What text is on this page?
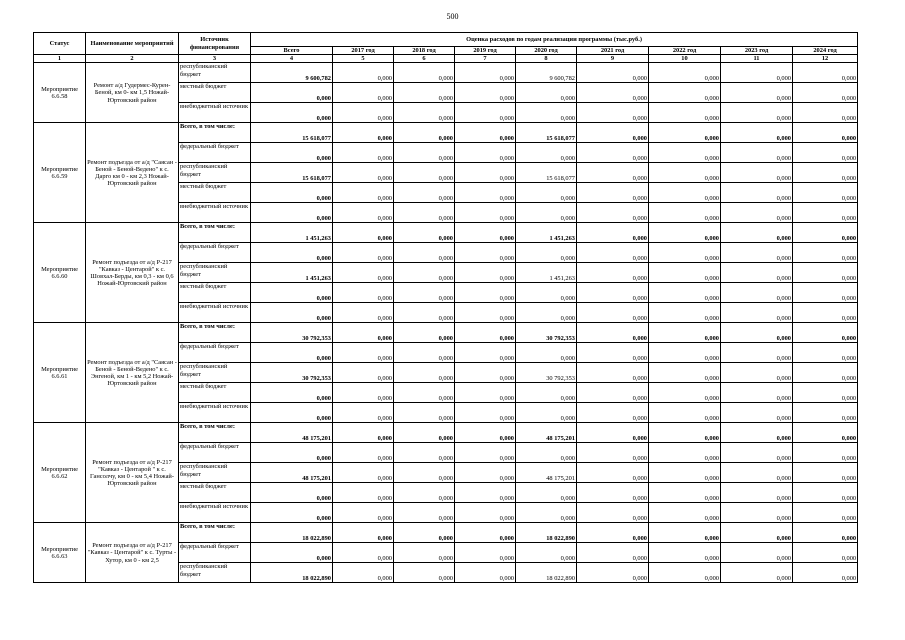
500
Статус	Наименование мероприятий	Источник финансирования	Оценка расходов по годам реализации программы (тыс.руб.)								
			Всего	2017 год	2018 год	2019 год	2020 год	2021 год	2022 год	2023 год	2024 год
1	2	3	4	5	6	7	8	9	10	11	12
Мероприятие 6.6.58	Ремонт а/д Гудермес-Курен-Беной, км 0- км 1,5 Ножай-Юртовский район	республиканский бюджет	9 600,782	0,000	0,000	0,000	9 600,782	0,000	0,000	0,000	0,000
		местный бюджет	0,000	0,000	0,000	0,000	0,000	0,000	0,000	0,000	0,000
		внебюджетный источник	0,000	0,000	0,000	0,000	0,000	0,000	0,000	0,000	0,000
Мероприятие 6.6.59	Ремонт подъезда от а/д "Саясан - Беной - Беной-Ведено" к с. Дарго км 0 - км 2,3 Ножай-Юртовский район	Всего, в том числе:	15 618,077	0,000	0,000	0,000	15 618,077	0,000	0,000	0,000	0,000
		федеральный бюджет	0,000	0,000	0,000	0,000	0,000	0,000	0,000	0,000	0,000
		республиканский бюджет	15 618,077	0,000	0,000	0,000	15 618,077	0,000	0,000	0,000	0,000
		местный бюджет	0,000	0,000	0,000	0,000	0,000	0,000	0,000	0,000	0,000
		внебюджетный источник	0,000	0,000	0,000	0,000	0,000	0,000	0,000	0,000	0,000
Мероприятие 6.6.60	Ремонт подъезда от а/д Р-217 "Кавказ - Центарой" к с. Шовхал-Берды, км 0,3 - км 0,6 Ножай-Юртовский район	Всего, в том числе:	1 451,263	0,000	0,000	0,000	1 451,263	0,000	0,000	0,000	0,000
		федеральный бюджет	0,000	0,000	0,000	0,000	0,000	0,000	0,000	0,000	0,000
		республиканский бюджет	1 451,263	0,000	0,000	0,000	1 451,263	0,000	0,000	0,000	0,000
		местный бюджет	0,000	0,000	0,000	0,000	0,000	0,000	0,000	0,000	0,000
		внебюджетный источник	0,000	0,000	0,000	0,000	0,000	0,000	0,000	0,000	0,000
Мероприятие 6.6.61	Ремонт подъезда от а/д "Саясан - Беной - Беной-Ведено" к с. Энгеной, км 1 - км 5,2 Ножай-Юртовский район	Всего, в том числе:	30 792,353	0,000	0,000	0,000	30 792,353	0,000	0,000	0,000	0,000
		федеральный бюджет	0,000	0,000	0,000	0,000	0,000	0,000	0,000	0,000	0,000
		республиканский бюджет	30 792,353	0,000	0,000	0,000	30 792,353	0,000	0,000	0,000	0,000
		местный бюджет	0,000	0,000	0,000	0,000	0,000	0,000	0,000	0,000	0,000
		внебюджетный источник	0,000	0,000	0,000	0,000	0,000	0,000	0,000	0,000	0,000
Мероприятие 6.6.62	Ремонт подъезда от а/д Р-217 "Кавказ - Центарой " к с. Гансолчу, км 0 - км 5,4 Ножай-Юртовский район	Всего, в том числе:	48 175,201	0,000	0,000	0,000	48 175,201	0,000	0,000	0,000	0,000
		федеральный бюджет	0,000	0,000	0,000	0,000	0,000	0,000	0,000	0,000	0,000
		республиканский бюджет	48 175,201	0,000	0,000	0,000	48 175,201	0,000	0,000	0,000	0,000
		местный бюджет	0,000	0,000	0,000	0,000	0,000	0,000	0,000	0,000	0,000
		внебюджетный источник	0,000	0,000	0,000	0,000	0,000	0,000	0,000	0,000	0,000
Мероприятие 6.6.63	Ремонт подъезда от а/д Р-217 "Кавказ - Центарой" к с. Турты - Хутор, км 0 - км 2,5	Всего, в том числе:	18 022,890	0,000	0,000	0,000	18 022,890	0,000	0,000	0,000	0,000
		федеральный бюджет	0,000	0,000	0,000	0,000	0,000	0,000	0,000	0,000	0,000
		республиканский бюджет	18 022,890	0,000	0,000	0,000	18 022,890	0,000	0,000	0,000	0,000
